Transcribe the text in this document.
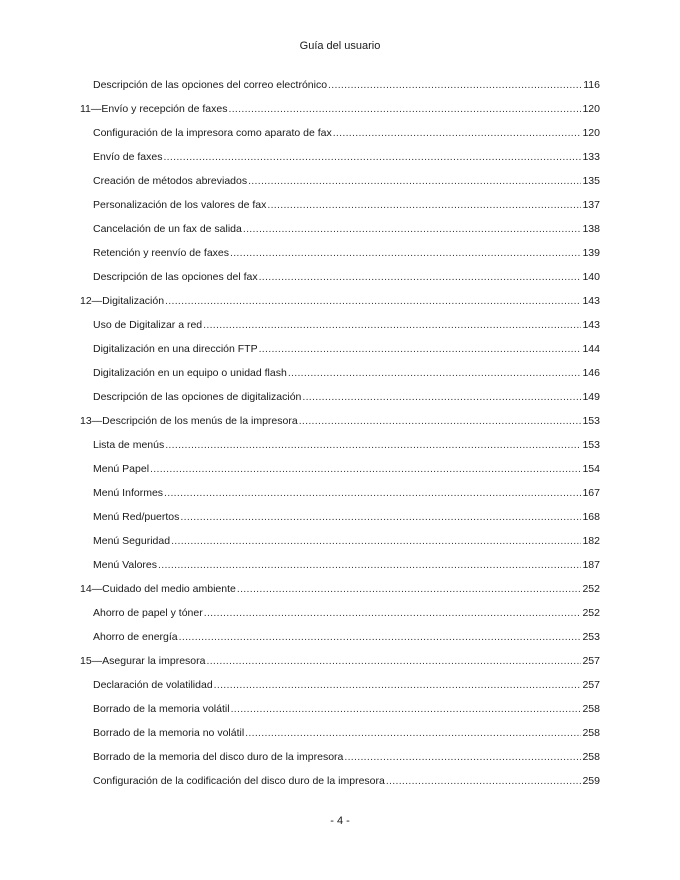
Guía del usuario
Descripción de las opciones del correo electrónico .....	116
11—Envío y recepción de faxes .....	120
Configuración de la impresora como aparato de fax .....	120
Envío de faxes .....	133
Creación de métodos abreviados .....	135
Personalización de los valores de fax .....	137
Cancelación de un fax de salida .....	138
Retención y reenvío de faxes .....	139
Descripción de las opciones del fax .....	140
12—Digitalización .....	143
Uso de Digitalizar a red .....	143
Digitalización en una dirección FTP .....	144
Digitalización en un equipo o unidad flash .....	146
Descripción de las opciones de digitalización .....	149
13—Descripción de los menús de la impresora .....	153
Lista de menús .....	153
Menú Papel .....	154
Menú Informes .....	167
Menú Red/puertos .....	168
Menú Seguridad .....	182
Menú Valores .....	187
14—Cuidado del medio ambiente .....	252
Ahorro de papel y tóner .....	252
Ahorro de energía .....	253
15—Asegurar la impresora .....	257
Declaración de volatilidad .....	257
Borrado de la memoria volátil .....	258
Borrado de la memoria no volátil .....	258
Borrado de la memoria del disco duro de la impresora .....	258
Configuración de la codificación del disco duro de la impresora .....	259
- 4 -
